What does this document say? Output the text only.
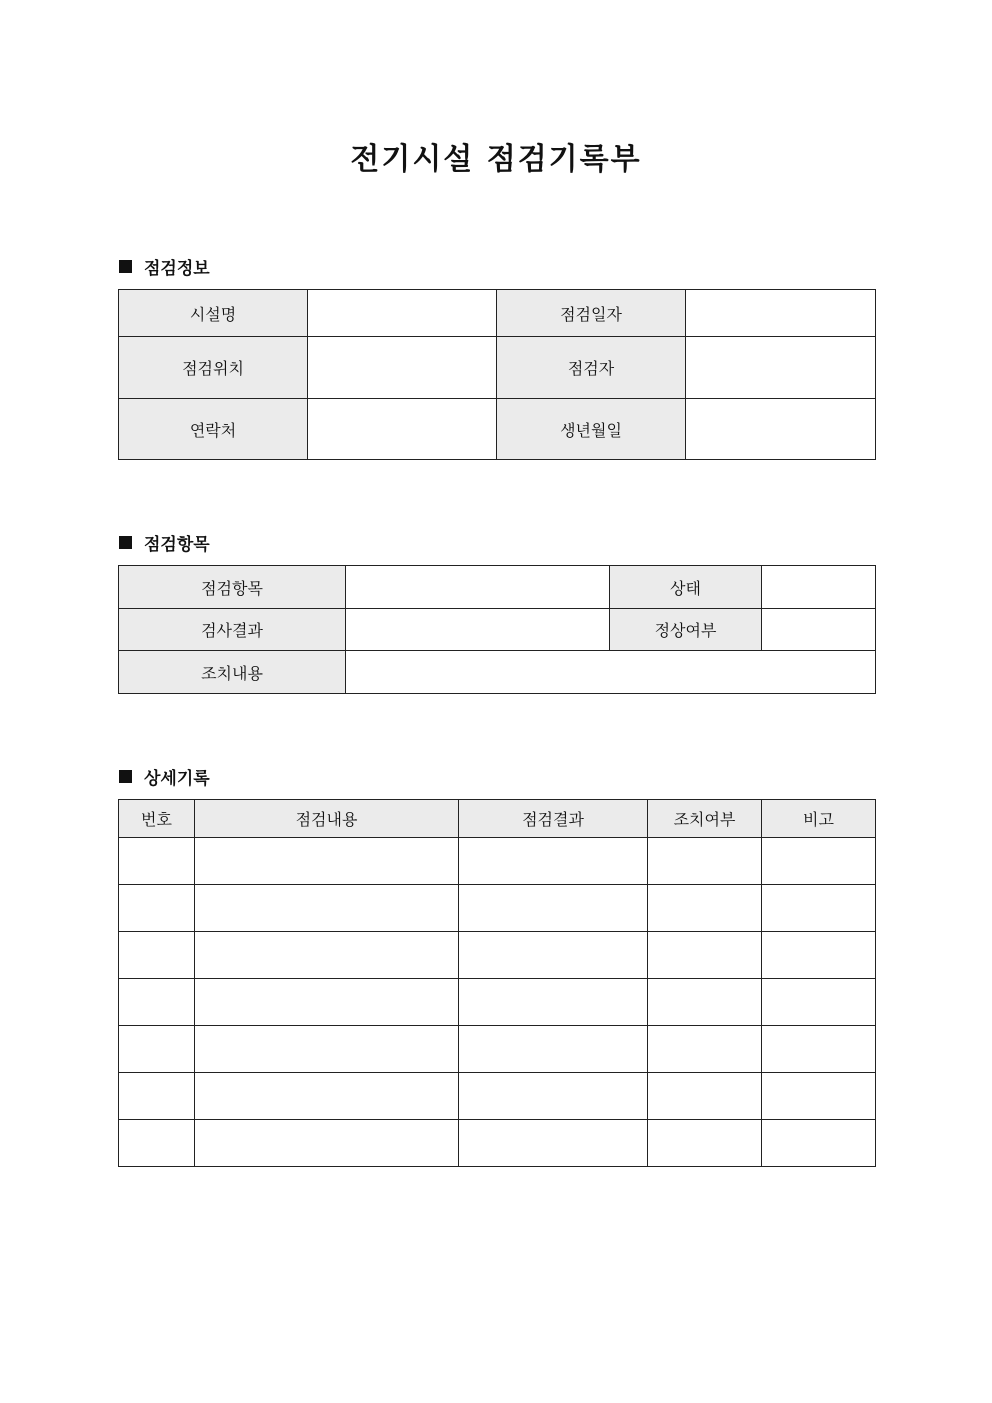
전기시설 점검기록부
점검정보
시설명		점검일자	
점검위치		점검자	
연락처		생년월일	
점검항목
점검항목		상태	
검사결과		정상여부	
조치내용			
상세기록
번호	점검내용	점검결과	조치여부	비고
